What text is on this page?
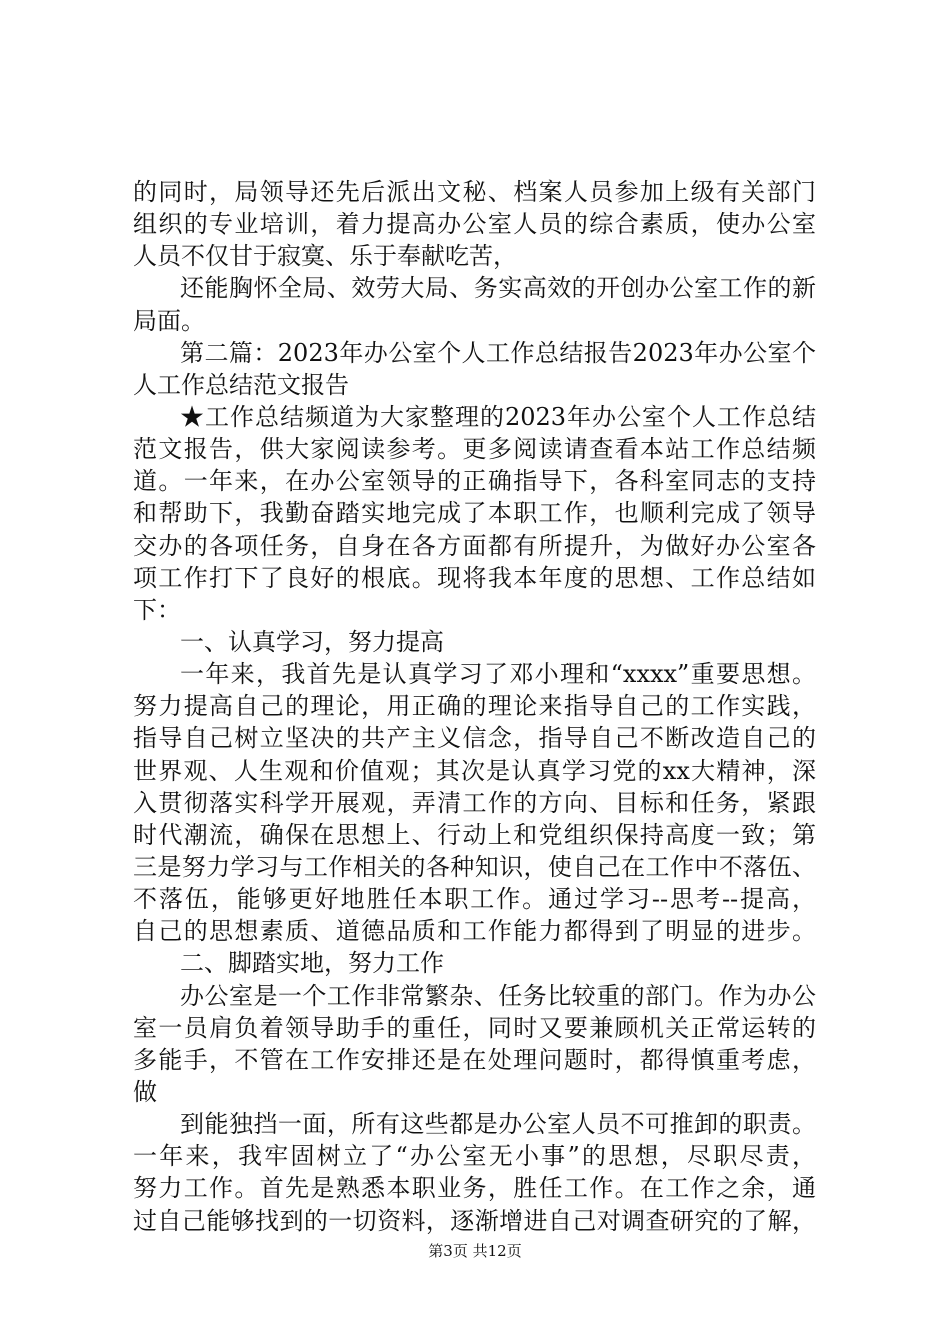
的同时，局领导还先后派出文秘、档案人员参加上级有关部门
组织的专业培训，着力提高办公室人员的综合素质，使办公室
人员不仅甘于寂寞、乐于奉献吃苦，
还能胸怀全局、效劳大局、务实高效的开创办公室工作的新
局面。
第二篇：2023年办公室个人工作总结报告2023年办公室个
人工作总结范文报告
★工作总结频道为大家整理的2023年办公室个人工作总结
范文报告，供大家阅读参考。更多阅读请查看本站工作总结频
道。一年来，在办公室领导的正确指导下，各科室同志的支持
和帮助下，我勤奋踏实地完成了本职工作，也顺利完成了领导
交办的各项任务，自身在各方面都有所提升，为做好办公室各
项工作打下了良好的根底。现将我本年度的思想、工作总结如
下：
一、认真学习，努力提高
一年来，我首先是认真学习了邓小理和“xxxx”重要思想。
努力提高自己的理论，用正确的理论来指导自己的工作实践，
指导自己树立坚决的共产主义信念，指导自己不断改造自己的
世界观、人生观和价值观；其次是认真学习党的xx大精神，深
入贯彻落实科学开展观，弄清工作的方向、目标和任务，紧跟
时代潮流，确保在思想上、行动上和党组织保持高度一致；第
三是努力学习与工作相关的各种知识，使自己在工作中不落伍、
不落伍，能够更好地胜任本职工作。通过学习--思考--提高，
自己的思想素质、道德品质和工作能力都得到了明显的进步。
二、脚踏实地，努力工作
办公室是一个工作非常繁杂、任务比较重的部门。作为办公
室一员肩负着领导助手的重任，同时又要兼顾机关正常运转的
多能手，不管在工作安排还是在处理问题时，都得慎重考虑，
做
到能独挡一面，所有这些都是办公室人员不可推卸的职责。
一年来，我牢固树立了“办公室无小事”的思想，尽职尽责，
努力工作。首先是熟悉本职业务，胜任工作。在工作之余，通
过自己能够找到的一切资料，逐渐增进自己对调查研究的了解，
第3页 共12页
